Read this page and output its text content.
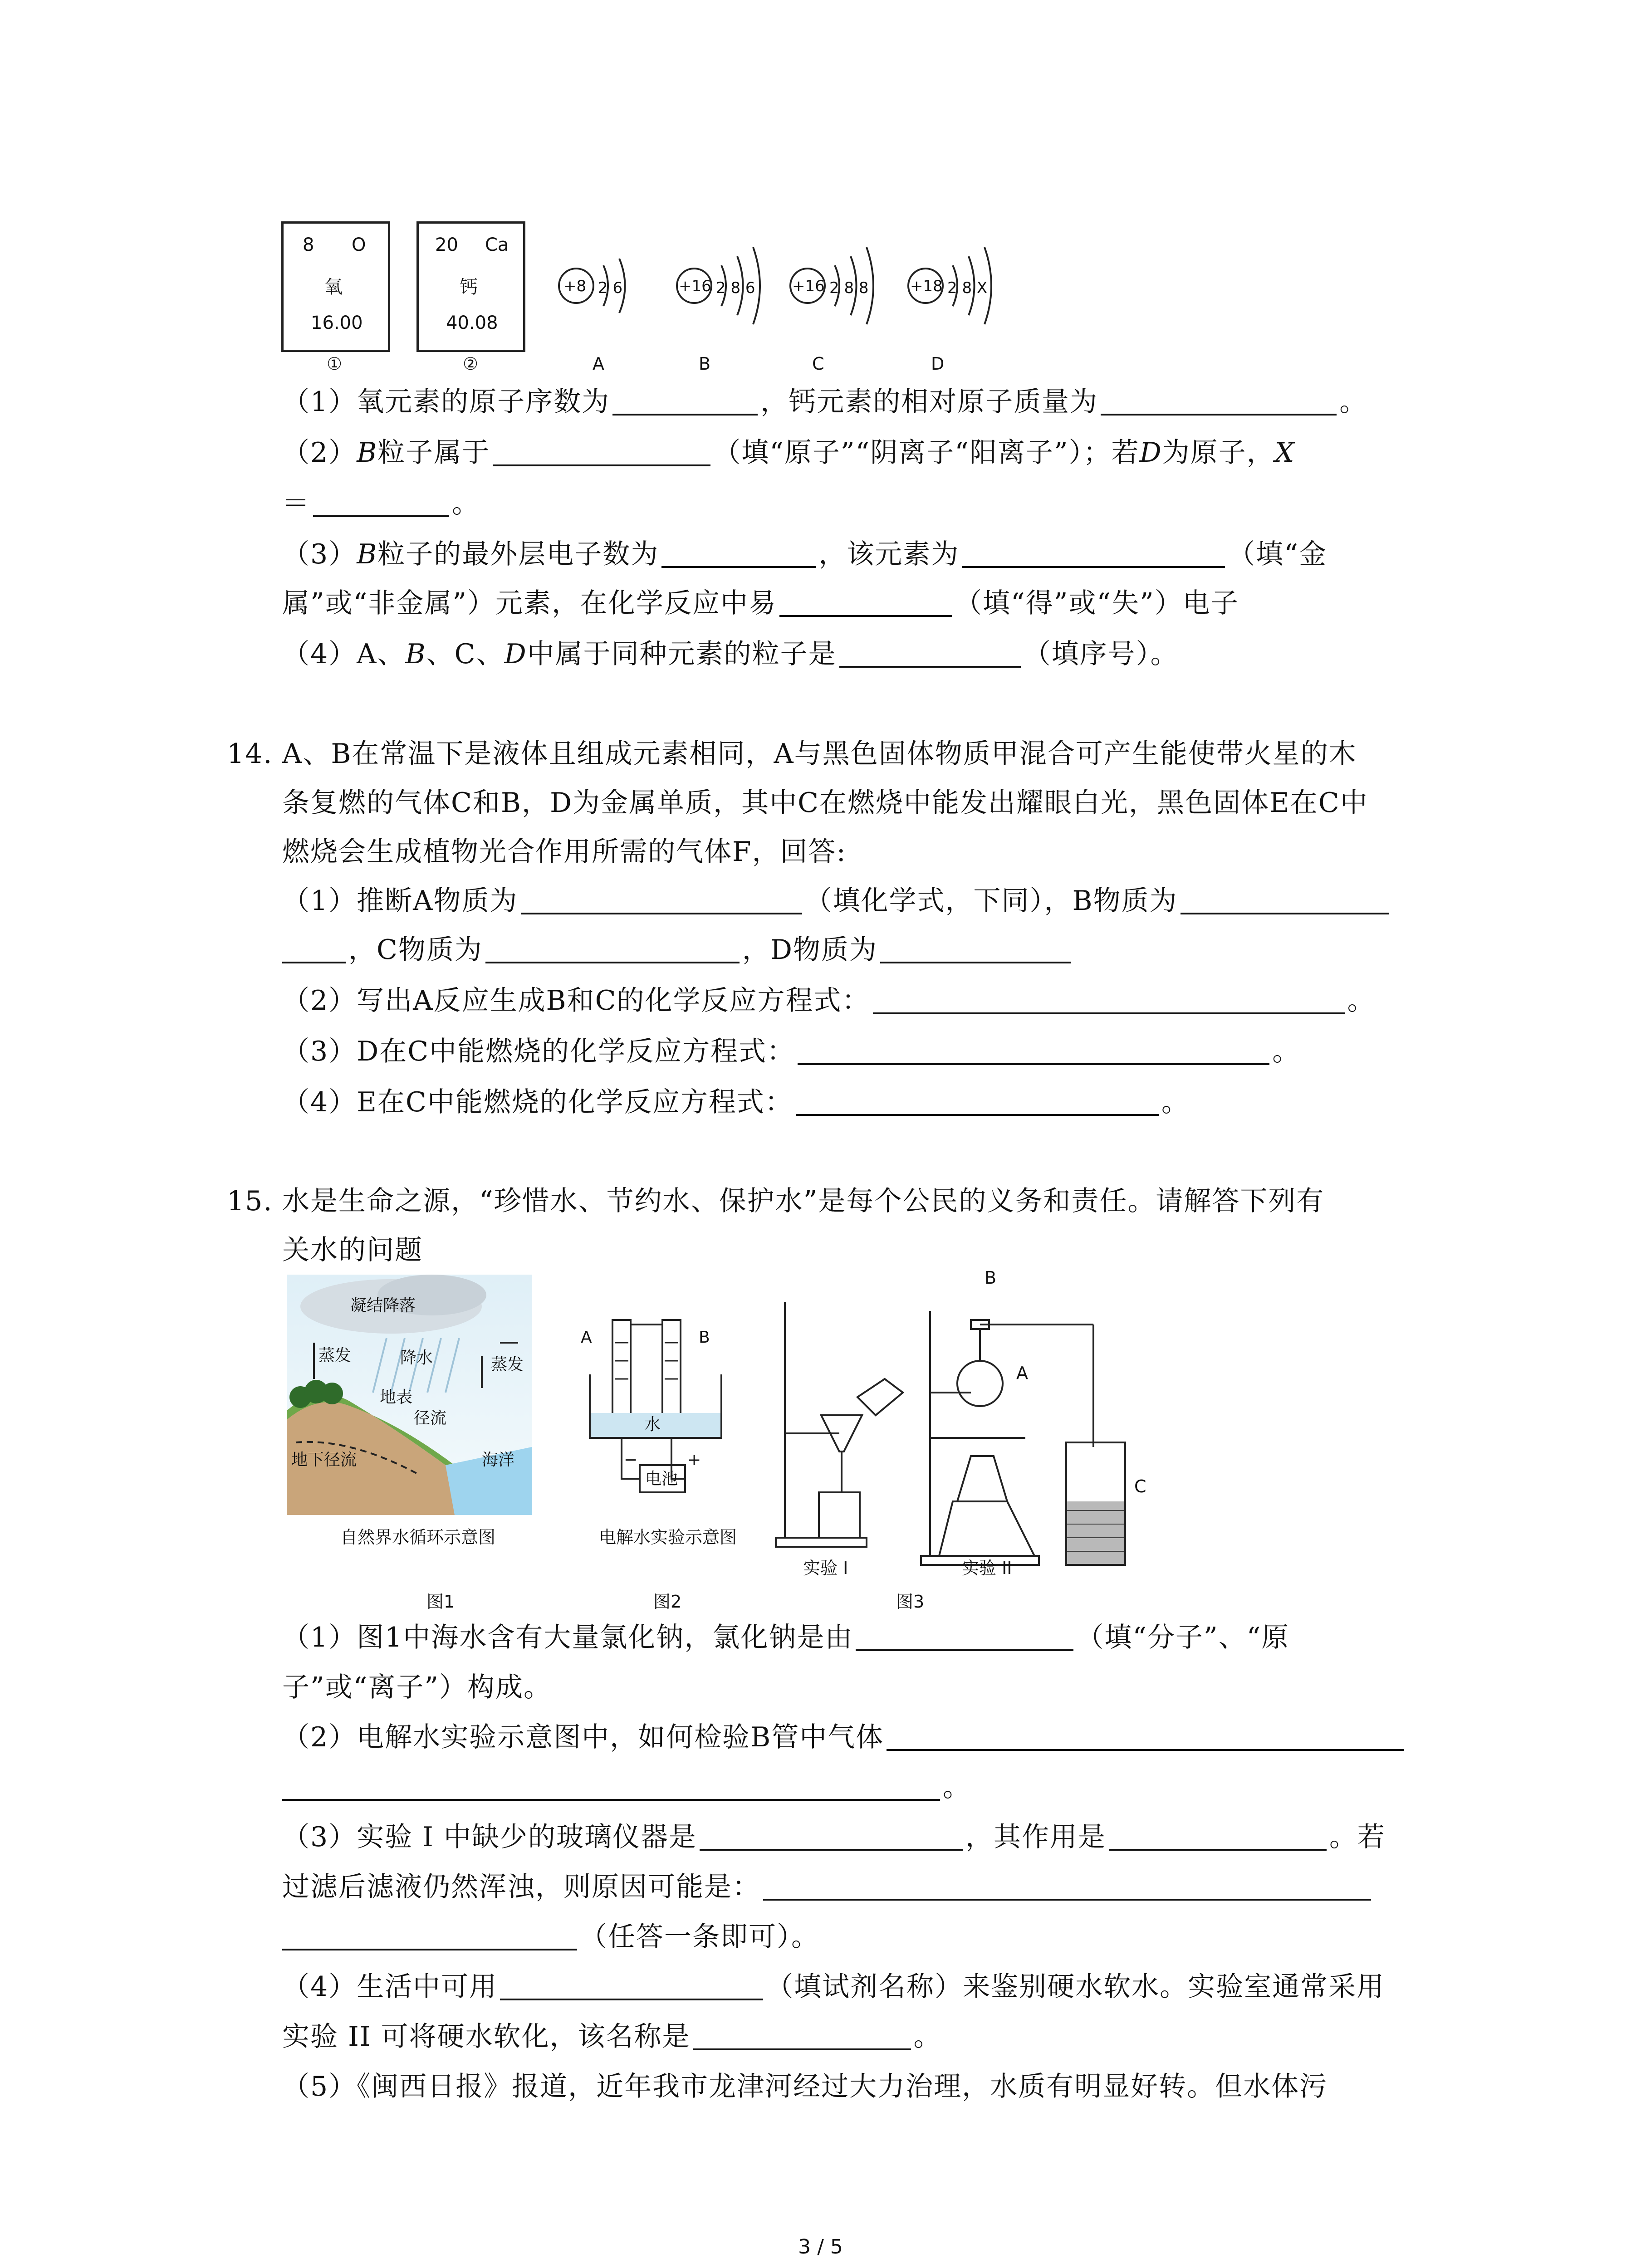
8 O
氧
16.00
①
20 Ca
钙
40.08
②
+8 2 6	+16 2 8 6 +16 2 8 8	+18 2 8 X
A	B	C	D
（1）氧元素的原子序数为	，钙元素的相对原子质量为	。
（2）B粒子属于	（填“原子”“阴离子“阳离子”）；若D为原子，X
＝	。
（3）B粒子的最外层电子数为	，该元素为	（填“金
属”或“非金属”）元素，在化学反应中易	（填“得”或“失”）电子
（4）A、B、C、D中属于同种元素的粒子是	（填序号）。
14. A、B在常温下是液体且组成元素相同，A与黑色固体物质甲混合可产生能使带火星的木
条复燃的气体C和B，D为金属单质，其中C在燃烧中能发出耀眼白光，黑色固体E在C中
燃烧会生成植物光合作用所需的气体F，回答:
（1）推断A物质为	（填化学式，下同），B物质为
，C物质为	，D物质为
（2）写出A反应生成B和C的化学反应方程式：	。
（3）D在C中能燃烧的化学反应方程式：	。
（4）E在C中能燃烧的化学反应方程式：	。
15. 水是生命之源，“珍惜水、节约水、保护水”是每个公民的义务和责任。请解答下列有
关水的问题
凝结降落
蒸发	降水	蒸发
地表
径流
地下径流	海洋
自然界水循环示意图
图1
A	B
水
电池
−	+
电解水实验示意图
图2
B
A
C
实验 I	实验 II
图3
（1）图1中海水含有大量氯化钠，氯化钠是由	（填“分子”、“原
子”或“离子”）构成。
（2）电解水实验示意图中，如何检验B管中气体
。
（3）实验 I 中缺少的玻璃仪器是	，其作用是	。若
过滤后滤液仍然浑浊，则原因可能是：
（任答一条即可）。
（4）生活中可用	（填试剂名称）来鉴别硬水软水。实验室通常采用
实验 II 可将硬水软化，该名称是	。
（5）《闽西日报》报道，近年我市龙津河经过大力治理，水质有明显好转。但水体污
3 / 5
